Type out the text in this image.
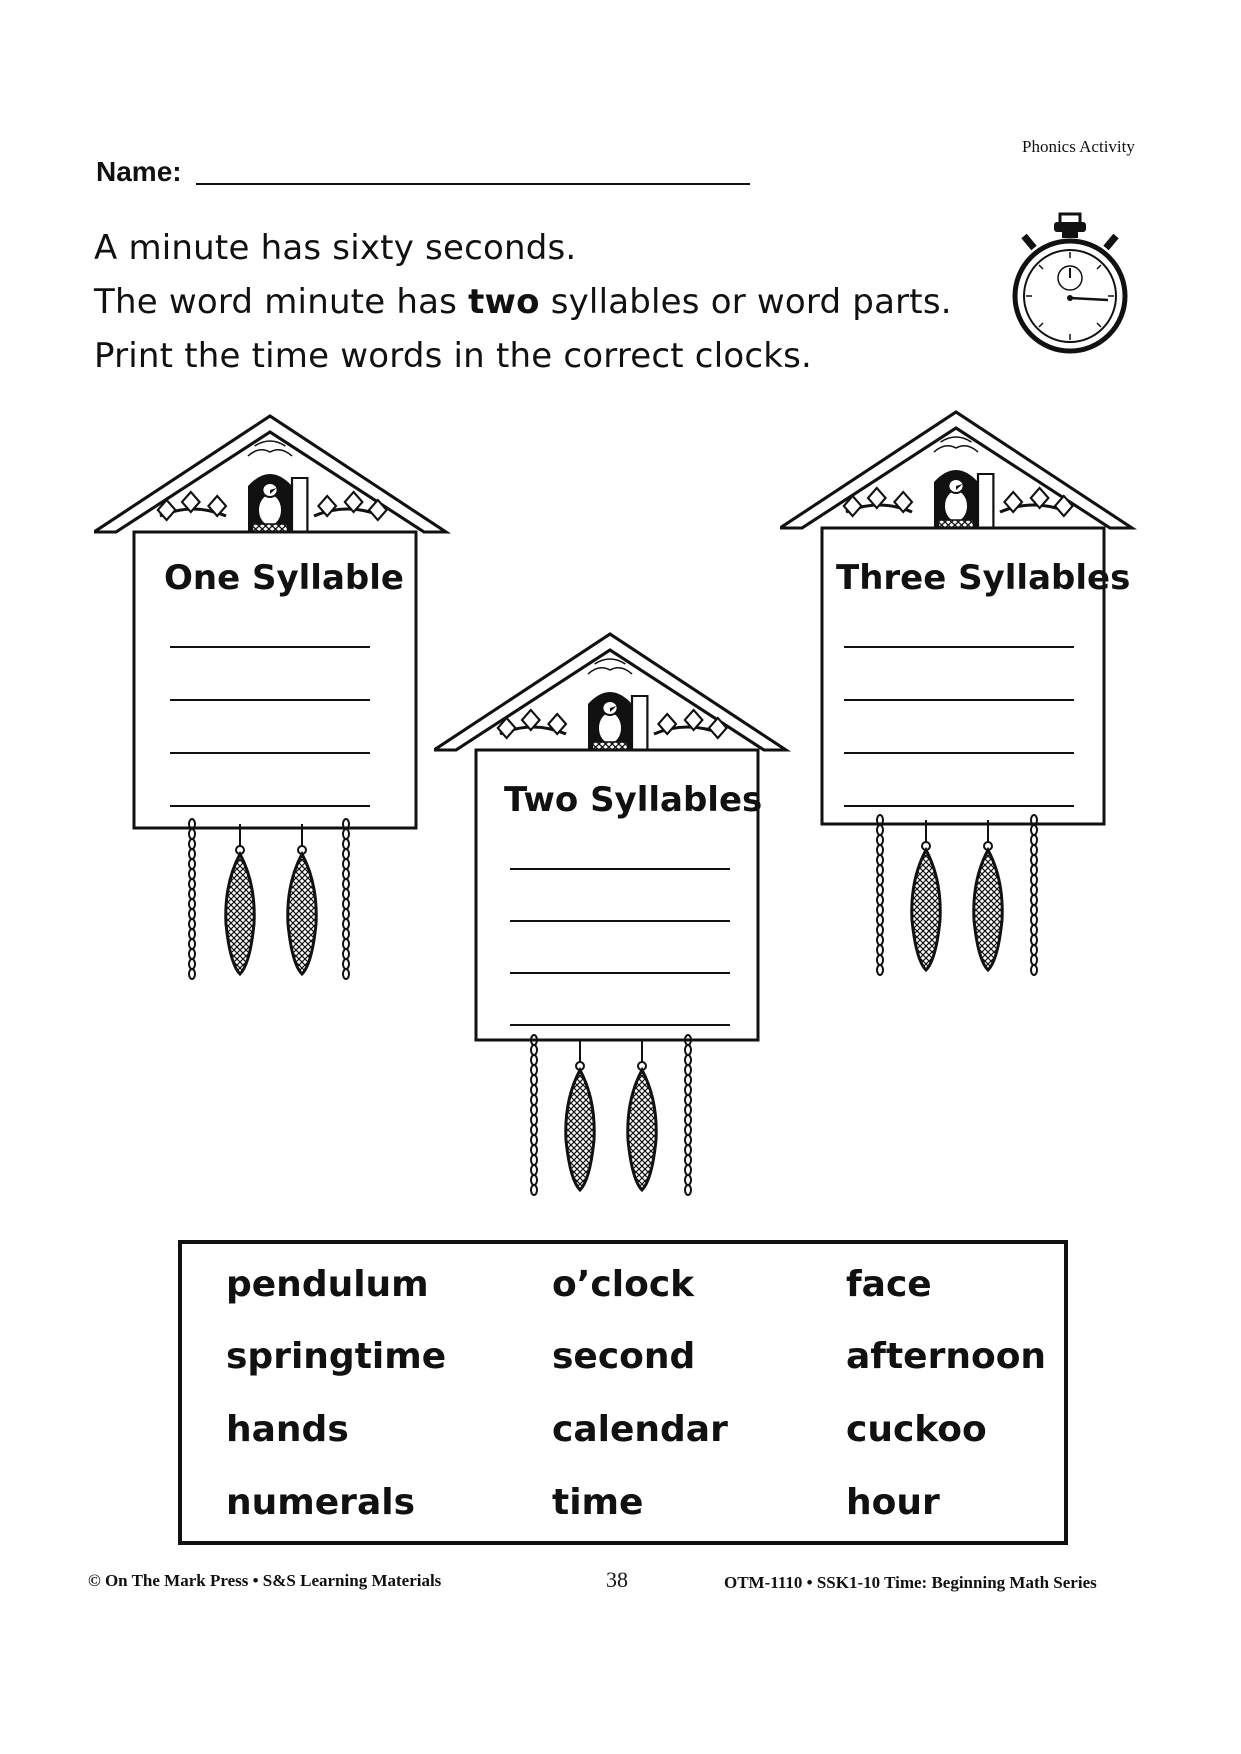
Phonics Activity
Name:
A minute has sixty seconds.
The word minute has two syllables or word parts.
Print the time words in the correct clocks.
One Syllable	Three Syllables
Two Syllables
pendulum	o’clock	face
springtime	second	afternoon
hands	calendar	cuckoo
numerals	time	hour
© On The Mark Press • S&S Learning Materials	38	OTM-1110 • SSK1-10 Time: Beginning Math Series
